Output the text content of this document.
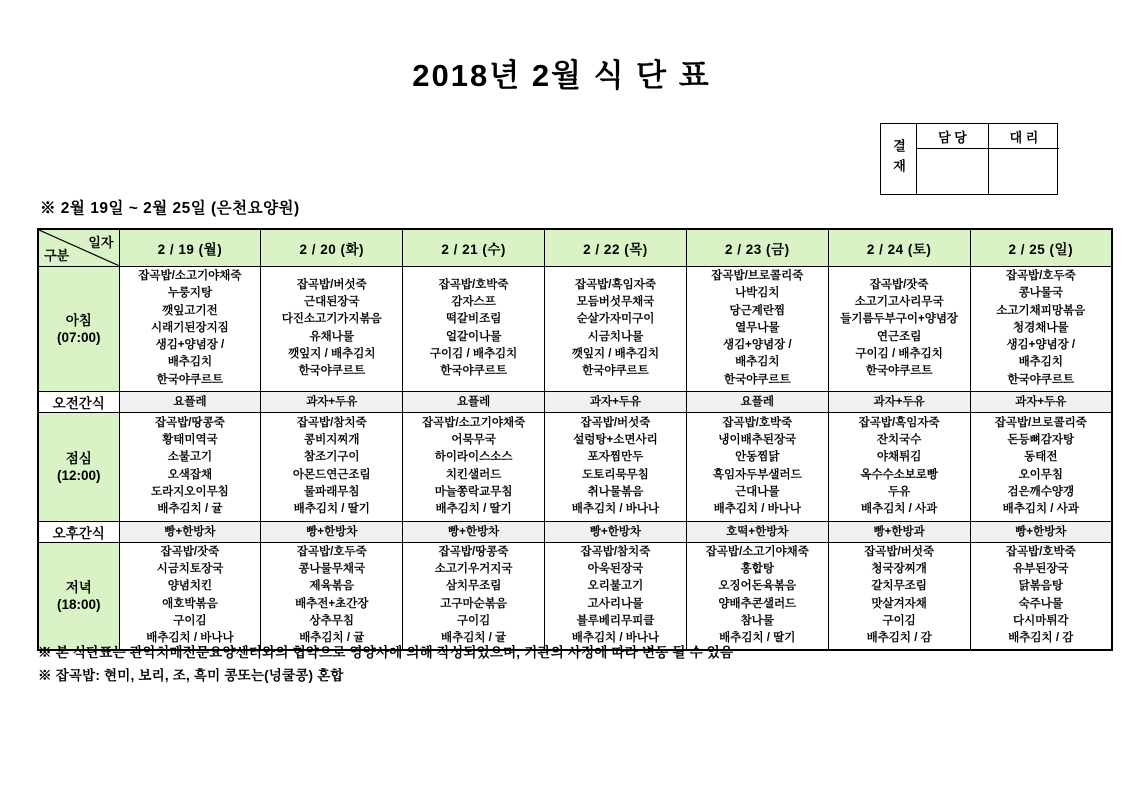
2018년 2월 식 단 표
결재
담 당	대 리
※ 2월 19일 ~ 2월 25일 (은천요양원)
일자
구분	2 / 19 (월)	2 / 20 (화)	2 / 21 (수)	2 / 22 (목)	2 / 23 (금)	2 / 24 (토)	2 / 25 (일)

아침
(07:00)

잡곡밥/소고기야채죽
누룽지탕
깻잎고기전
시래기된장지짐
생김+양념장 /
배추김치
한국야쿠르트

잡곡밥/버섯죽
근대된장국
다진소고기가지볶음
유채나물
깻잎지 / 배추김치
한국야쿠르트

잡곡밥/호박죽
감자스프
떡갈비조림
얼갈이나물
구이김 / 배추김치
한국야쿠르트

잡곡밥/흑임자죽
모듬버섯무채국
순살가자미구이
시금치나물
깻잎지 / 배추김치
한국야쿠르트

잡곡밥/브로콜리죽
나박김치
당근계란찜
열무나물
생김+양념장 /
배추김치
한국야쿠르트

잡곡밥/잣죽
소고기고사리무국
들기름두부구이+양념장
연근조림
구이김 / 배추김치
한국야쿠르트

잡곡밥/호두죽
콩나물국
소고기채피망볶음
청경채나물
생김+양념장 /
배추김치
한국야쿠르트

오전간식	요플레	과자+두유	요플레	과자+두유	요플레	과자+두유	과자+두유

점심
(12:00)

잡곡밥/땅콩죽
황태미역국
소불고기
오색잡채
도라지오이무침
배추김치 / 귤

잡곡밥/참치죽
콩비지찌개
참조기구이
아몬드연근조림
물파래무침
배추김치 / 딸기

잡곡밥/소고기야채죽
어묵무국
하이라이스소스
치킨샐러드
마늘쫑락교무침
배추김치 / 딸기

잡곡밥/버섯죽
설렁탕+소면사리
포자찜만두
도토리묵무침
취나물볶음
배추김치 / 바나나

잡곡밥/호박죽
냉이배추된장국
안동찜닭
흑임자두부샐러드
근대나물
배추김치 / 바나나

잡곡밥/흑임자죽
잔치국수
야채튀김
옥수수소보로빵
두유
배추김치 / 사과

잡곡밥/브로콜리죽
돈등뼈감자탕
동태전
오이무침
검은깨수양갱
배추김치 / 사과

오후간식	빵+한방차	빵+한방차	빵+한방차	빵+한방차	호떡+한방차	빵+한방과	빵+한방차

저녁
(18:00)

잡곡밥/잣죽
시금치토장국
양념치킨
애호박볶음
구이김
배추김치 / 바나나

잡곡밥/호두죽
콩나물무채국
제육볶음
배추전+초간장
상추무침
배추김치 / 귤

잡곡밥/땅콩죽
소고기우거지국
삼치무조림
고구마순볶음
구이김
배추김치 / 귤

잡곡밥/참치죽
아욱된장국
오리불고기
고사리나물
블루베리무피클
배추김치 / 바나나

잡곡밥/소고기야채죽
홍합탕
오징어돈육볶음
양배추콘샐러드
참나물
배추김치 / 딸기

잡곡밥/버섯죽
청국장찌개
갈치무조림
맛살겨자채
구이김
배추김치 / 감

잡곡밥/호박죽
유부된장국
닭볶음탕
숙주나물
다시마튀각
배추김치 / 감
※ 본 식단표는 관악치매전문요양센터와의 협약으로 영양사에 의해 작성되었으며, 기관의 사정에 따라 변동 될 수 있음
※ 잡곡밥: 현미, 보리, 조, 흑미 콩또는(넝쿨콩) 혼합
